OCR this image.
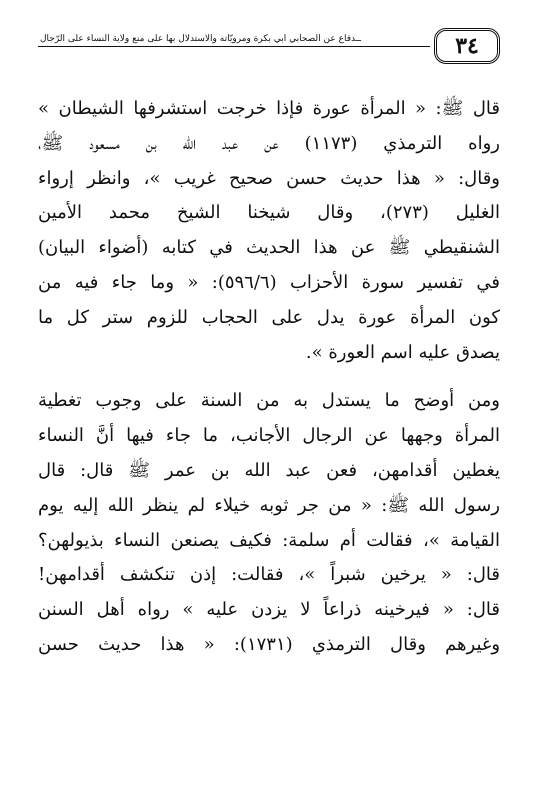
ــدفاع عن الصحابي أبي بكرة ومرويّاته والاستدلال بها على منع ولاية النساء على الرّجال	٣٤

قال ﷺ: « المرأة عورة فإذا خرجت استشرفها الشيطان »
رواه الترمذي (١١٧٣) عن عبد الله بن مسعود ﷺ،
وقال: « هذا حديث حسن صحيح غريب »، وانظر إرواء
الغليل (٢٧٣)، وقال شيخنا الشيخ محمد الأمين
الشنقيطي ﷺ عن هذا الحديث في كتابه (أضواء البيان)
في تفسير سورة الأحزاب (٥٩٦/٦): « وما جاء فيه من
كون المرأة عورة يدل على الحجاب للزوم ستر كل ما
يصدق عليه اسم العورة ».

ومن أوضح ما يستدل به من السنة على وجوب تغطية
المرأة وجهها عن الرجال الأجانب، ما جاء فيها أنَّ النساء
يغطين أقدامهن، فعن عبد الله بن عمر ﷺ قال: قال
رسول الله ﷺ: « من جر ثوبه خيلاء لم ينظر الله إليه يوم
القيامة »، فقالت أم سلمة: فكيف يصنعن النساء بذيولهن؟
قال: « يرخين شبراً »، فقالت: إذن تنكشف أقدامهن!
قال: « فيرخينه ذراعاً لا يزدن عليه » رواه أهل السنن
وغيرهم وقال الترمذي (١٧٣١): « هذا حديث حسن
